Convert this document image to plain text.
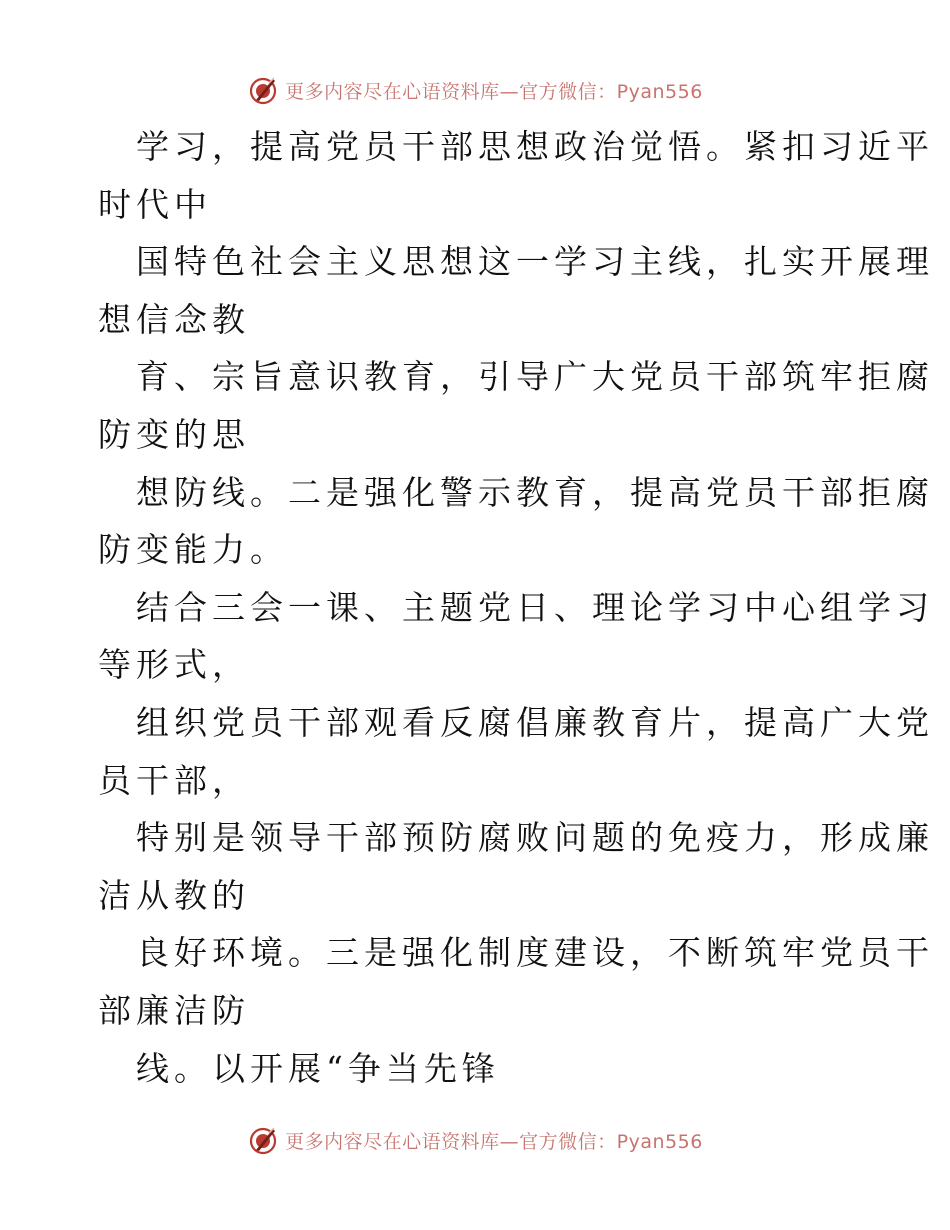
更多内容尽在心语资料库—官方微信：Pyan556

学习，提高党员干部思想政治觉悟。紧扣习近平

时代中

国特色社会主义思想这一学习主线，扎实开展理

想信念教

育、宗旨意识教育，引导广大党员干部筑牢拒腐

防变的思

想防线。二是强化警示教育，提高党员干部拒腐

防变能力。

结合三会一课、主题党日、理论学习中心组学习

等形式，

组织党员干部观看反腐倡廉教育片，提高广大党

员干部，

特别是领导干部预防腐败问题的免疫力，形成廉

洁从教的

良好环境。三是强化制度建设，不断筑牢党员干

部廉洁防

线。以开展“争当先锋

更多内容尽在心语资料库—官方微信：Pyan556
